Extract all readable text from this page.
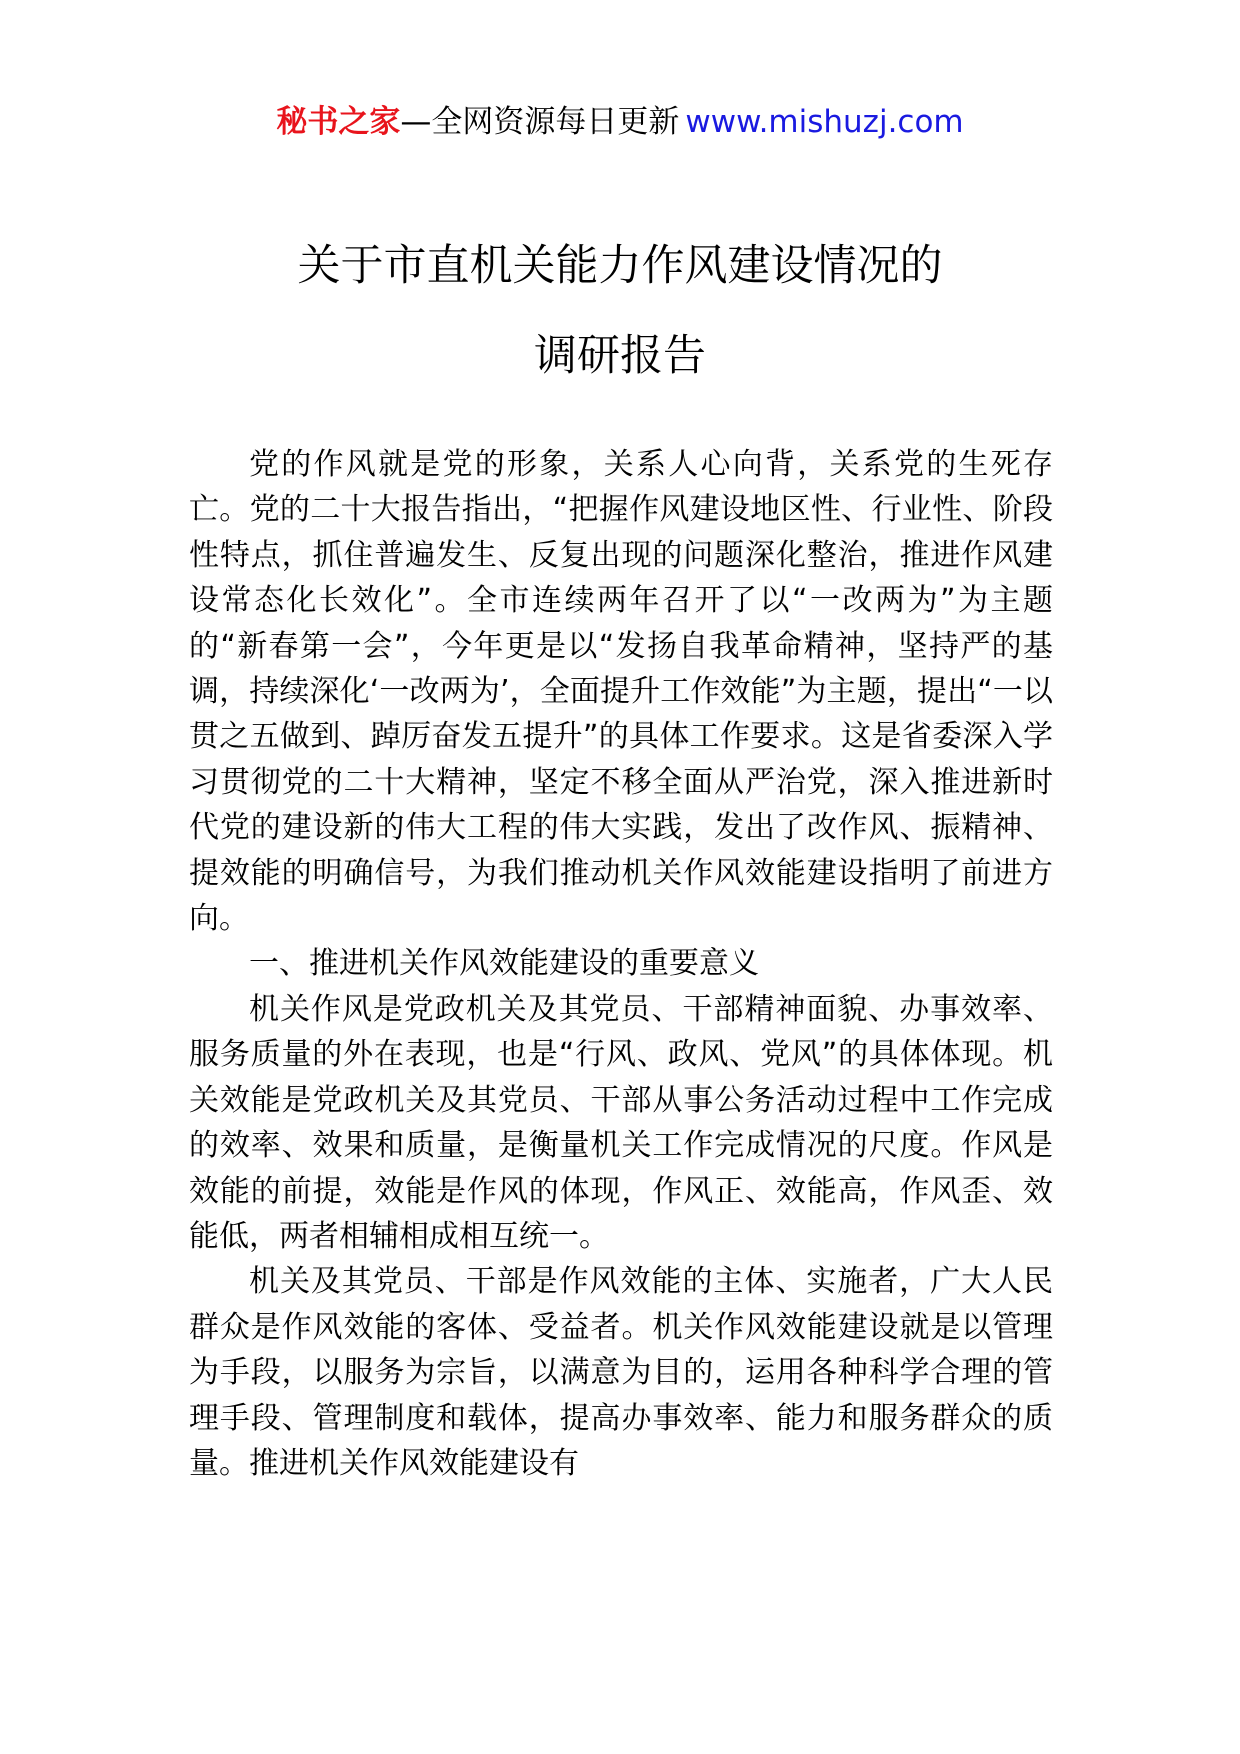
秘书之家—全网资源每日更新 www.mishuzj.com
关于市直机关能力作风建设情况的
调研报告

党的作风就是党的形象，关系人心向背，关系党的生死存亡。党的二十大报告指出，“把握作风建设地区性、行业性、阶段性特点，抓住普遍发生、反复出现的问题深化整治，推进作风建设常态化长效化”。全市连续两年召开了以“一改两为”为主题的“新春第一会”，今年更是以“发扬自我革命精神，坚持严的基调，持续深化‘一改两为’，全面提升工作效能”为主题，提出“一以贯之五做到、踔厉奋发五提升”的具体工作要求。这是省委深入学习贯彻党的二十大精神，坚定不移全面从严治党，深入推进新时代党的建设新的伟大工程的伟大实践，发出了改作风、振精神、提效能的明确信号，为我们推动机关作风效能建设指明了前进方向。

一、推进机关作风效能建设的重要意义

机关作风是党政机关及其党员、干部精神面貌、办事效率、服务质量的外在表现，也是“行风、政风、党风”的具体体现。机关效能是党政机关及其党员、干部从事公务活动过程中工作完成的效率、效果和质量，是衡量机关工作完成情况的尺度。作风是效能的前提，效能是作风的体现，作风正、效能高，作风歪、效能低，两者相辅相成相互统一。

机关及其党员、干部是作风效能的主体、实施者，广大人民群众是作风效能的客体、受益者。机关作风效能建设就是以管理为手段，以服务为宗旨，以满意为目的，运用各种科学合理的管理手段、管理制度和载体，提高办事效率、能力和服务群众的质量。推进机关作风效能建设有
